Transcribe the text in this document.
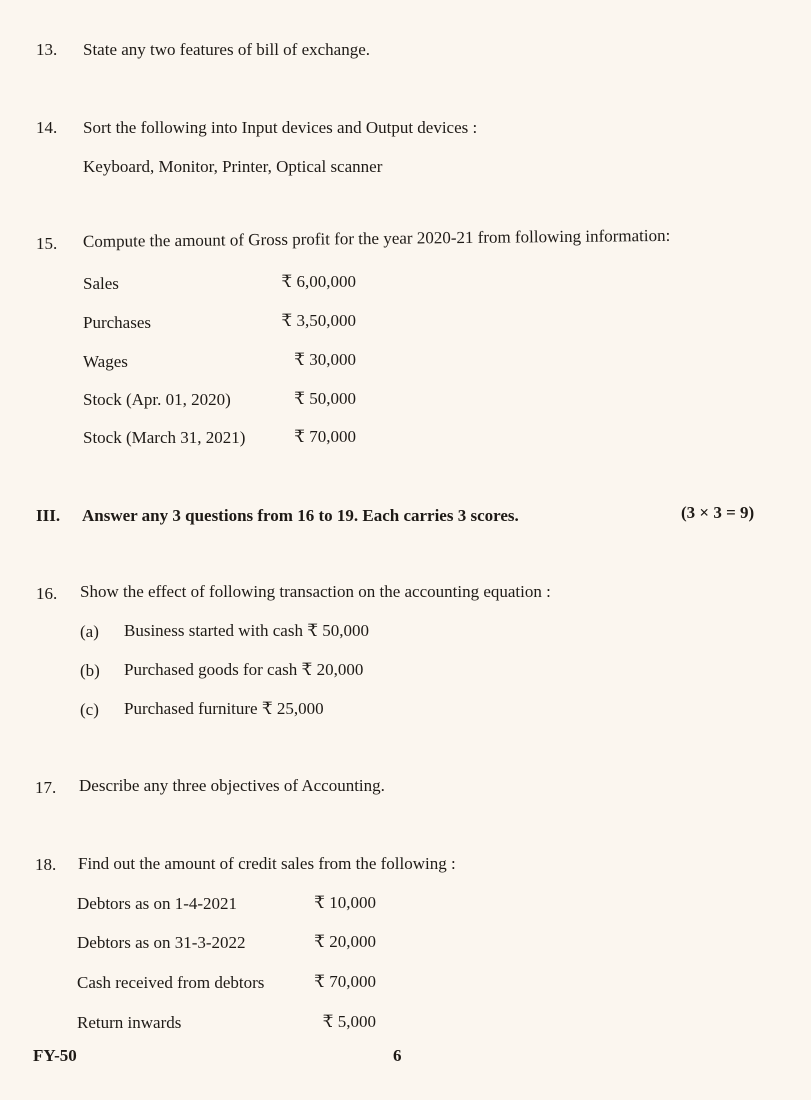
13. State any two features of bill of exchange.
14. Sort the following into Input devices and Output devices :
Keyboard, Monitor, Printer, Optical scanner
15. Compute the amount of Gross profit for the year 2020-21 from following information:
Sales	₹ 6,00,000
Purchases	₹ 3,50,000
Wages	₹ 30,000
Stock (Apr. 01, 2020)	₹ 50,000
Stock (March 31, 2021)	₹ 70,000
III. Answer any 3 questions from 16 to 19. Each carries 3 scores.	(3 × 3 = 9)
16. Show the effect of following transaction on the accounting equation :
(a) Business started with cash ₹ 50,000
(b) Purchased goods for cash ₹ 20,000
(c) Purchased furniture ₹ 25,000
17. Describe any three objectives of Accounting.
18. Find out the amount of credit sales from the following :
Debtors as on 1-4-2021	₹ 10,000
Debtors as on 31-3-2022	₹ 20,000
Cash received from debtors	₹ 70,000
Return inwards	₹ 5,000
FY-50	6
